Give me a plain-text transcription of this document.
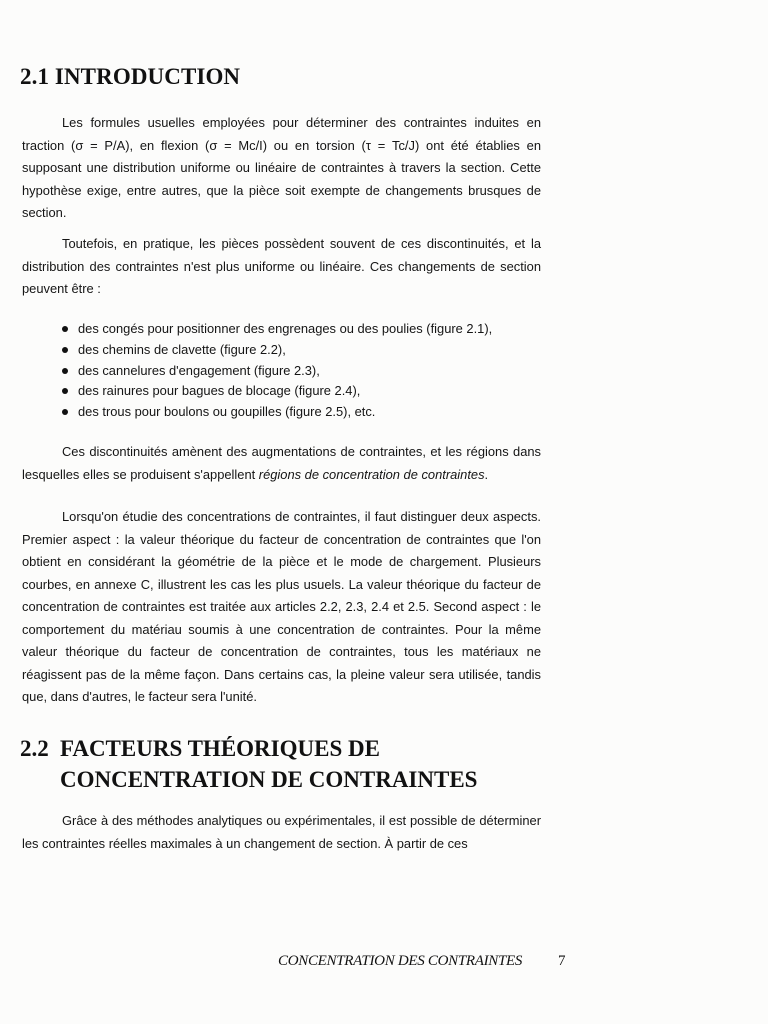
2.1 INTRODUCTION

Les formules usuelles employées pour déterminer des contraintes induites en traction (σ = P/A), en flexion (σ = Mc/I) ou en torsion (τ = Tc/J) ont été établies en supposant une distribution uniforme ou linéaire de contraintes à travers la section. Cette hypothèse exige, entre autres, que la pièce soit exempte de changements brusques de section.

Toutefois, en pratique, les pièces possèdent souvent de ces discontinuités, et la distribution des contraintes n'est plus uniforme ou linéaire. Ces changements de section peuvent être :

des congés pour positionner des engrenages ou des poulies (figure 2.1),
des chemins de clavette (figure 2.2),
des cannelures d'engagement (figure 2.3),
des rainures pour bagues de blocage (figure 2.4),
des trous pour boulons ou goupilles (figure 2.5), etc.

Ces discontinuités amènent des augmentations de contraintes, et les régions dans lesquelles elles se produisent s'appellent régions de concentration de contraintes.

Lorsqu'on étudie des concentrations de contraintes, il faut distinguer deux aspects. Premier aspect : la valeur théorique du facteur de concentration de contraintes que l'on obtient en considérant la géométrie de la pièce et le mode de chargement. Plusieurs courbes, en annexe C, illustrent les cas les plus usuels. La valeur théorique du facteur de concentration de contraintes est traitée aux articles 2.2, 2.3, 2.4 et 2.5. Second aspect : le comportement du matériau soumis à une concentration de contraintes. Pour la même valeur théorique du facteur de concentration de contraintes, tous les matériaux ne réagissent pas de la même façon. Dans certains cas, la pleine valeur sera utilisée, tandis que, dans d'autres, le facteur sera l'unité.

2.2 FACTEURS THÉORIQUES DE
CONCENTRATION DE CONTRAINTES

Grâce à des méthodes analytiques ou expérimentales, il est possible de déterminer les contraintes réelles maximales à un changement de section. À partir de ces

CONCENTRATION DES CONTRAINTES 7
